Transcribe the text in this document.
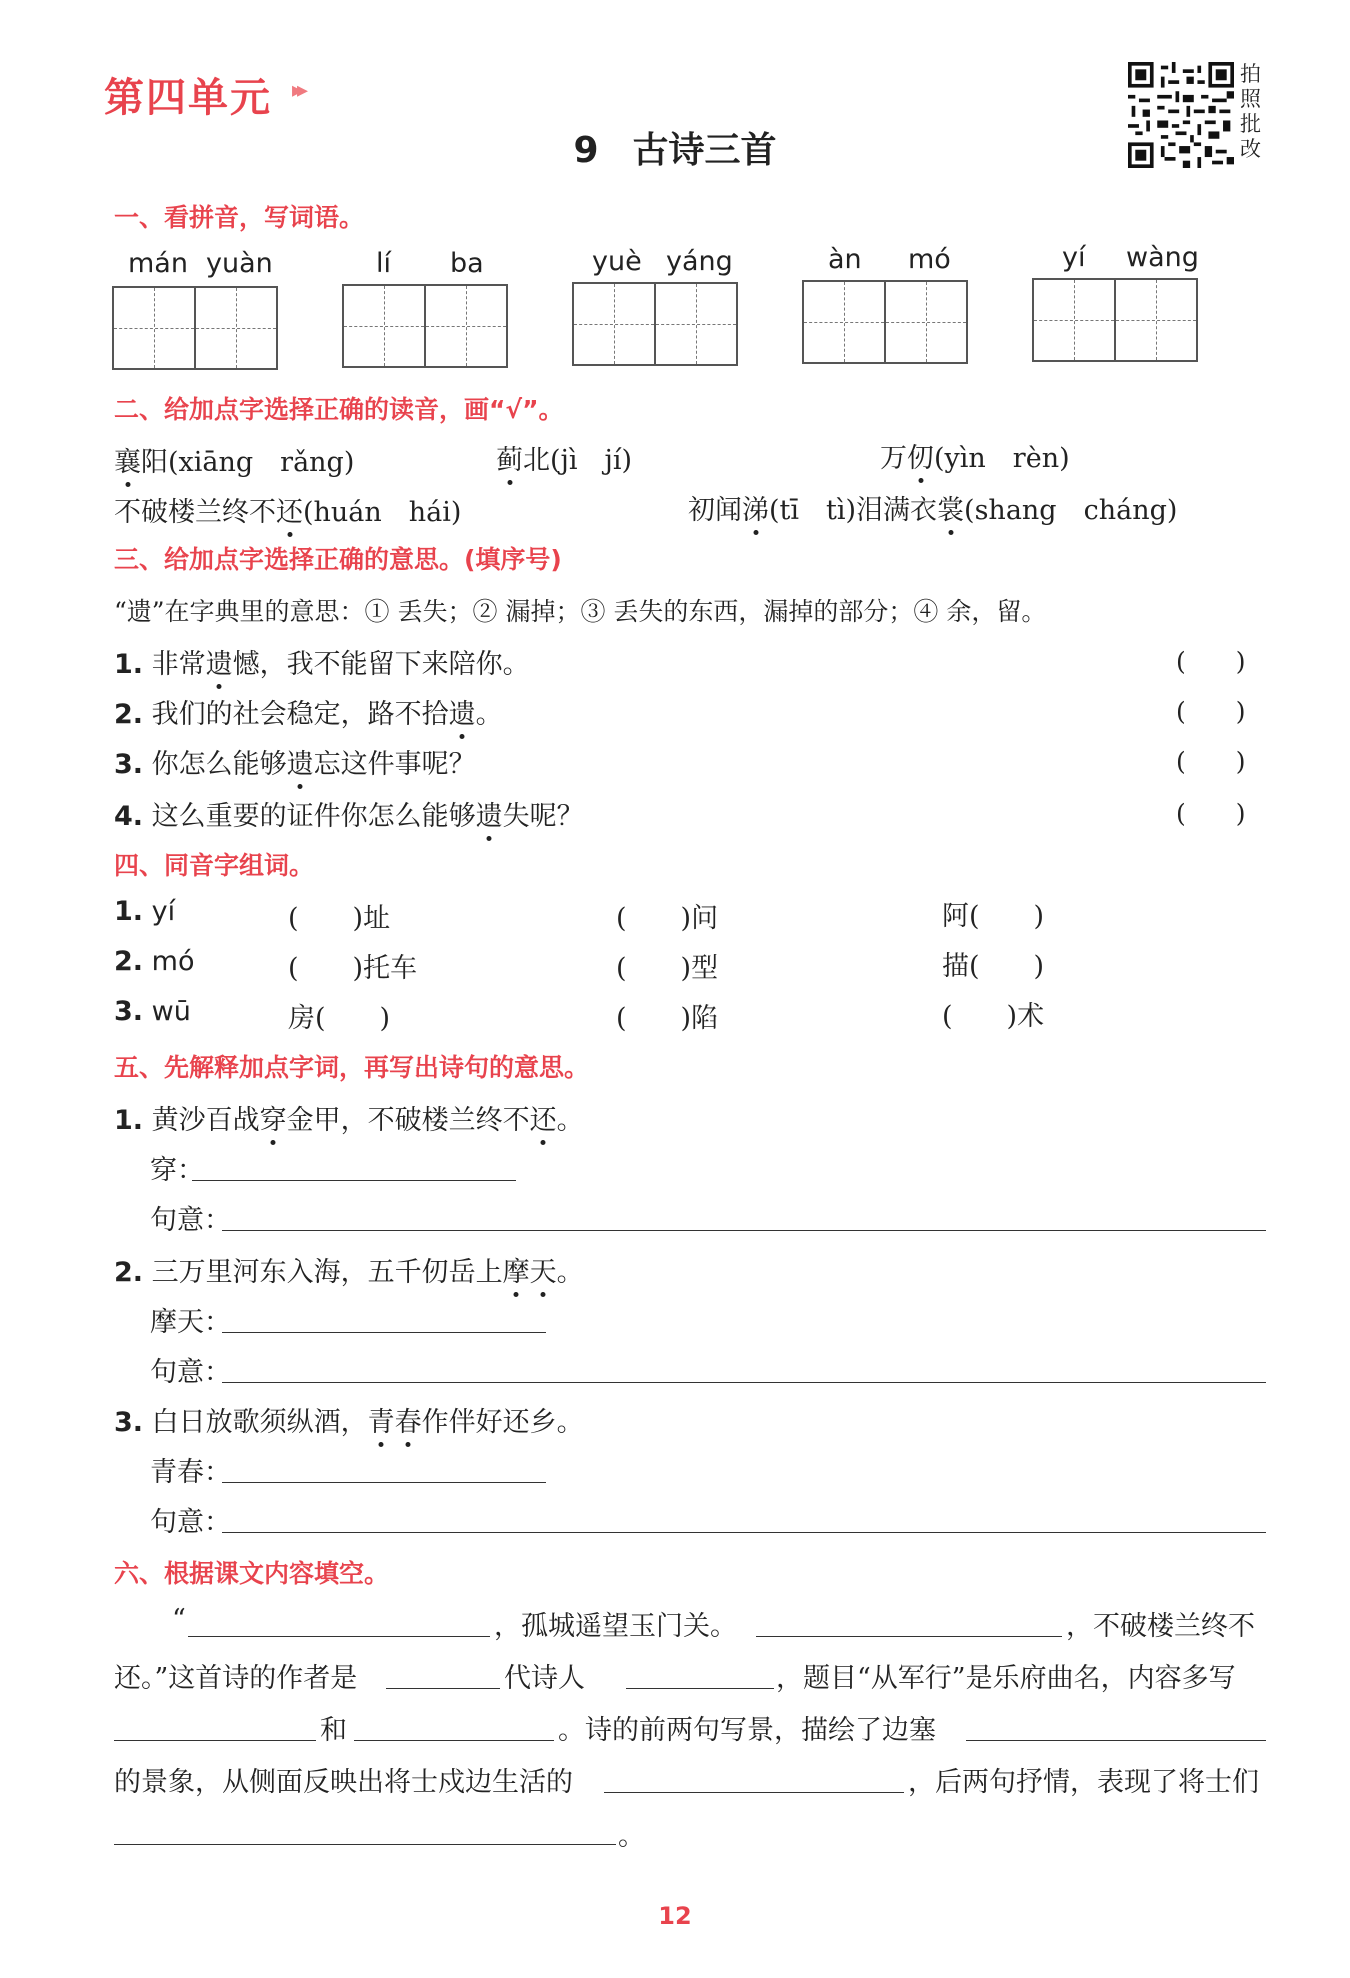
第四单元 ▸▸
9 古诗三首
拍
照
批
改
一、看拼音，写词语。
mán yuàn	lí ba	yuè yáng	àn mó	yí wàng
二、给加点字选择正确的读音，画“√”。
襄阳(xiāng　rǎng)	蓟北(jì　jí)	万仞(yìn　rèn)
不破楼兰终不还(huán　hái)	初闻涕(tī　tì)泪满衣裳(shang　cháng)
三、给加点字选择正确的意思。(填序号)
“遗”在字典里的意思：① 丢失；② 漏掉；③ 丢失的东西，漏掉的部分；④ 余，留。
1. 非常遗憾，我不能留下来陪你。	(　　)
2. 我们的社会稳定，路不拾遗。	(　　)
3. 你怎么能够遗忘这件事呢？	(　　)
4. 这么重要的证件你怎么能够遗失呢？	(　　)
四、同音字组词。
1. yí	(　　)址	(　　)问	阿(　　)
2. mó	(　　)托车	(　　)型	描(　　)
3. wū	房(　　)	(　　)陷	(　　)术
五、先解释加点字词，再写出诗句的意思。
1. 黄沙百战穿金甲，不破楼兰终不还。
穿：
句意：
2. 三万里河东入海，五千仞岳上摩天。
摩天：
句意：
3. 白日放歌须纵酒，青春作伴好还乡。
青春：
句意：
六、根据课文内容填空。
“	，孤城遥望玉门关。	，不破楼兰终不
还。”这首诗的作者是	代诗人	，题目“从军行”是乐府曲名，内容多写
和	。诗的前两句写景，描绘了边塞
的景象，从侧面反映出将士戍边生活的	，后两句抒情，表现了将士们
。
12
